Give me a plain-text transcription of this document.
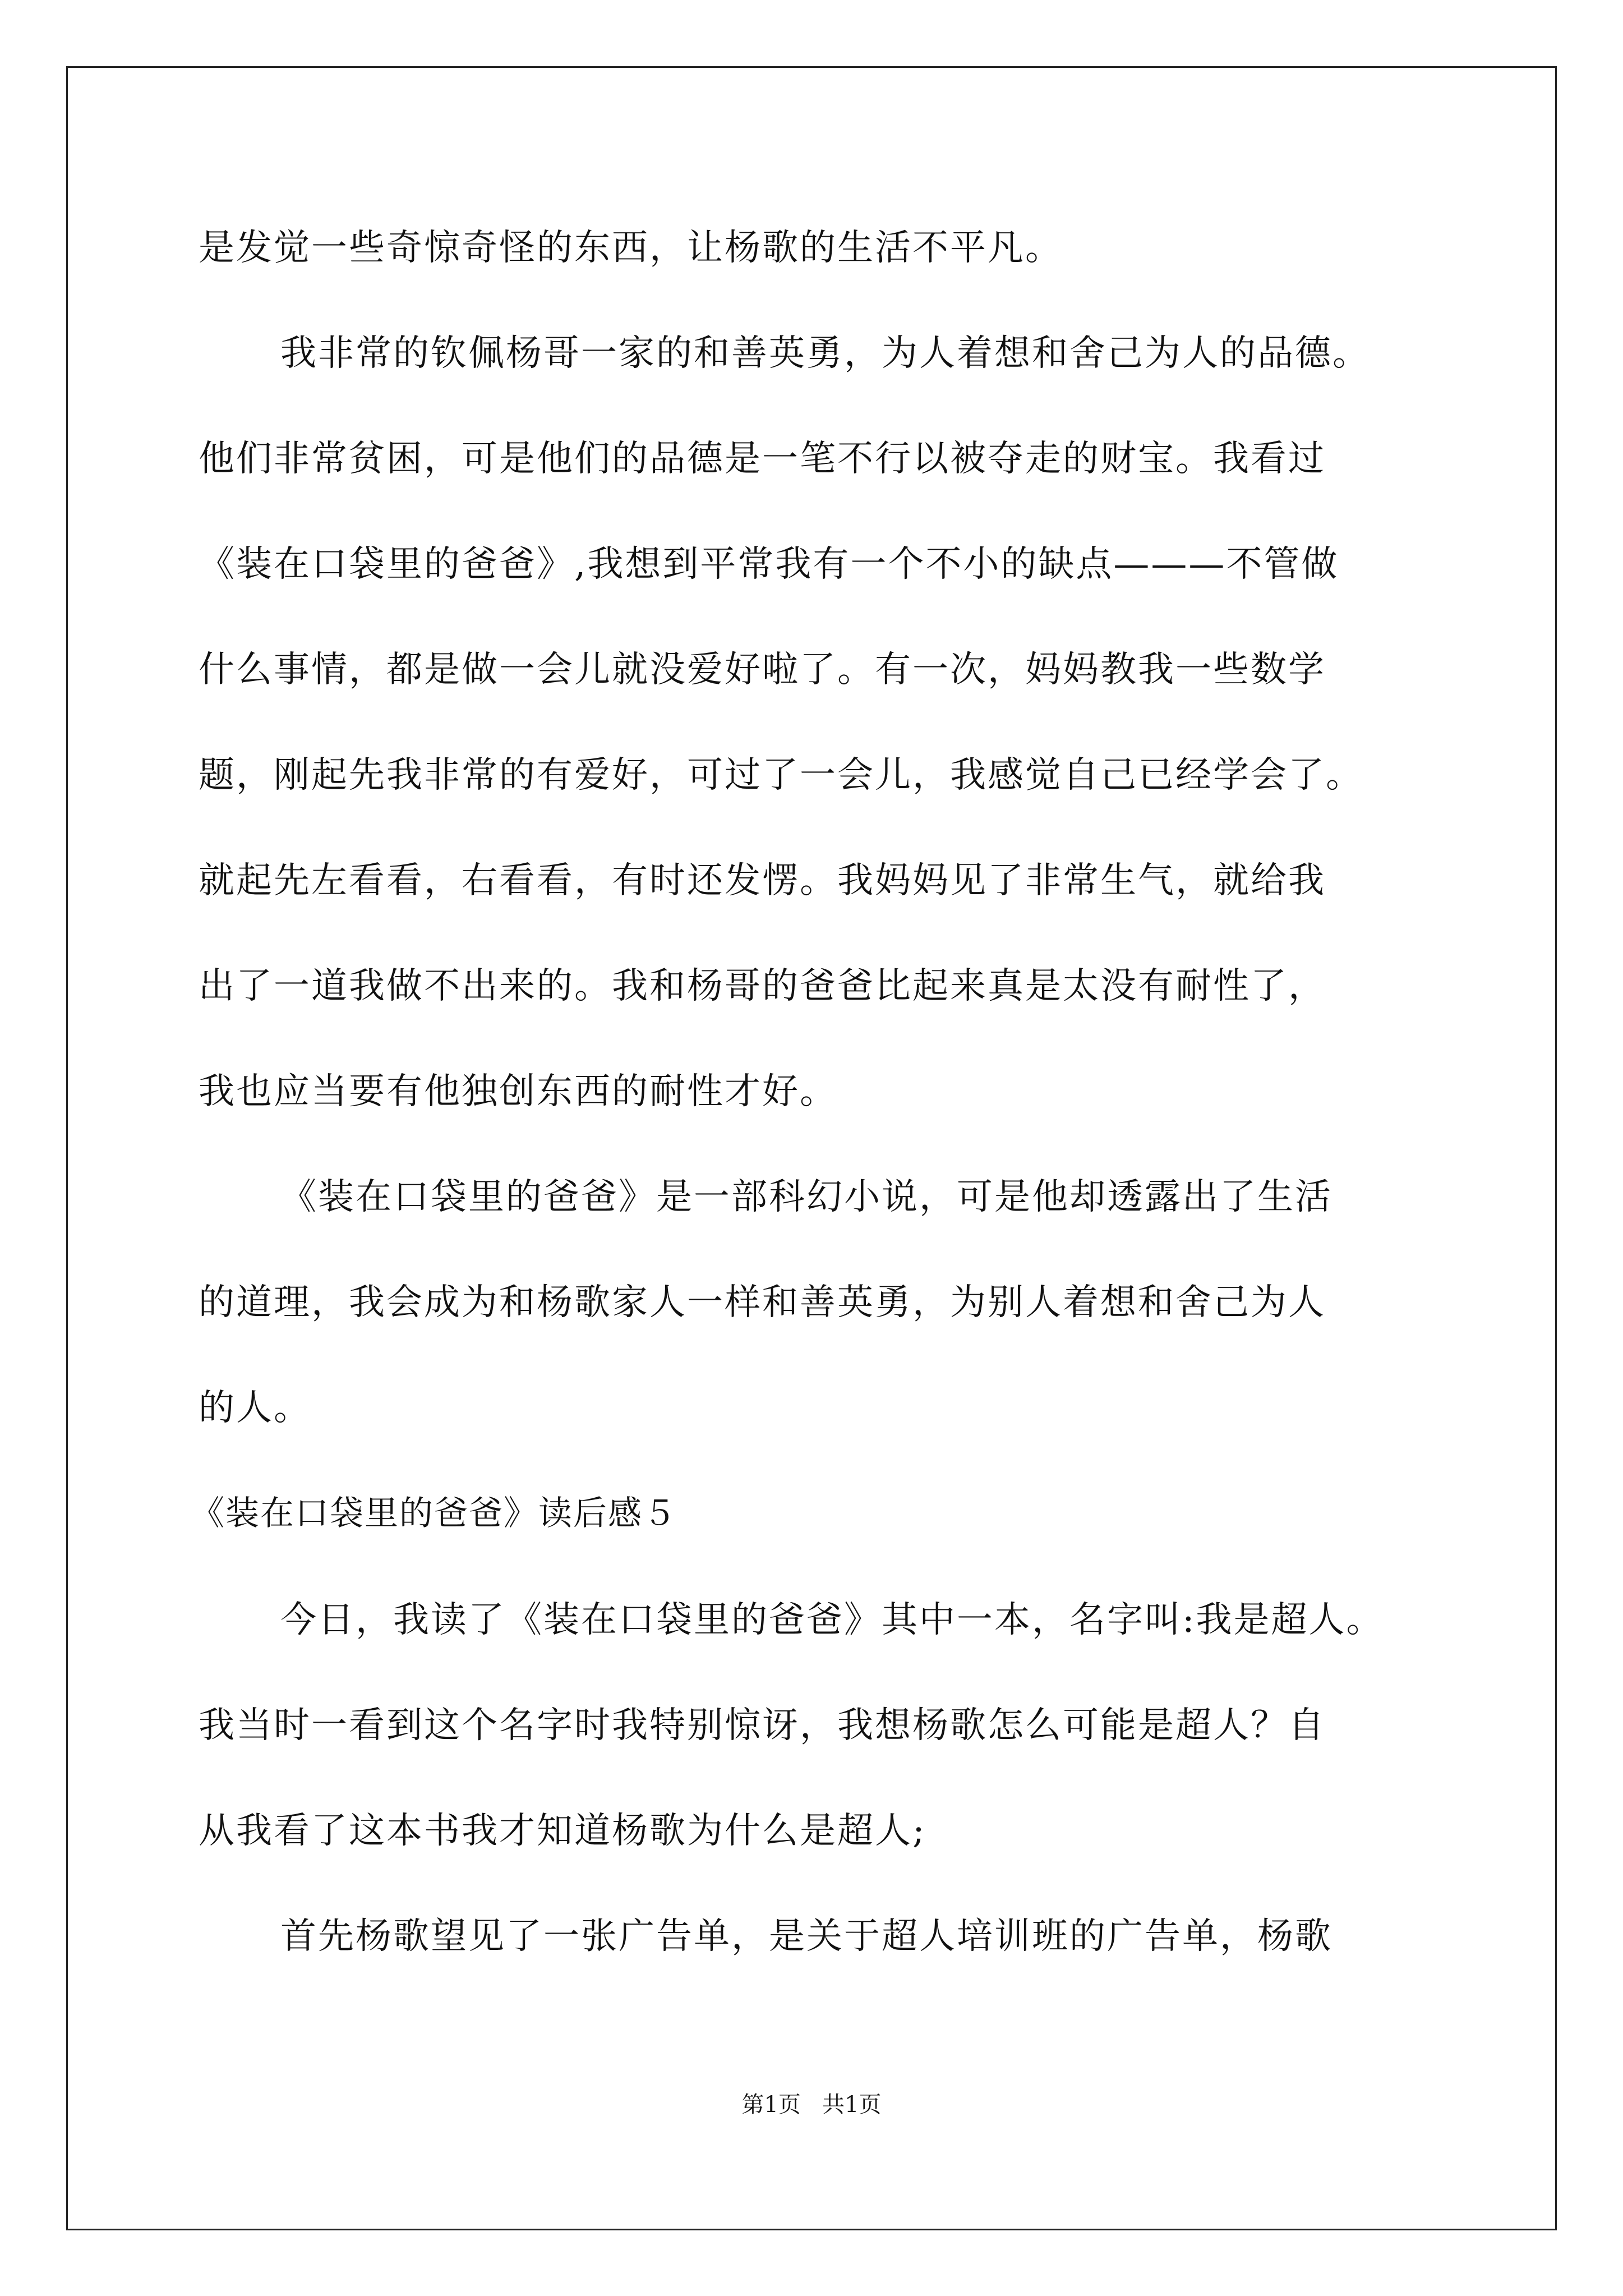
是发觉一些奇惊奇怪的东西，让杨歌的生活不平凡。
我非常的钦佩杨哥一家的和善英勇，为人着想和舍己为人的品德。
他们非常贫困，可是他们的品德是一笔不行以被夺走的财宝。我看过
《装在口袋里的爸爸》,我想到平常我有一个不小的缺点———不管做
什么事情，都是做一会儿就没爱好啦了。有一次，妈妈教我一些数学
题，刚起先我非常的有爱好，可过了一会儿，我感觉自己已经学会了。
就起先左看看，右看看，有时还发愣。我妈妈见了非常生气，就给我
出了一道我做不出来的。我和杨哥的爸爸比起来真是太没有耐性了，
我也应当要有他独创东西的耐性才好。
《装在口袋里的爸爸》是一部科幻小说，可是他却透露出了生活
的道理，我会成为和杨歌家人一样和善英勇，为别人着想和舍己为人
的人。
《装在口袋里的爸爸》读后感５
今日，我读了《装在口袋里的爸爸》其中一本，名字叫:我是超人。
我当时一看到这个名字时我特别惊讶，我想杨歌怎么可能是超人？自
从我看了这本书我才知道杨歌为什么是超人;
首先杨歌望见了一张广告单，是关于超人培训班的广告单，杨歌
第1页   共1页
